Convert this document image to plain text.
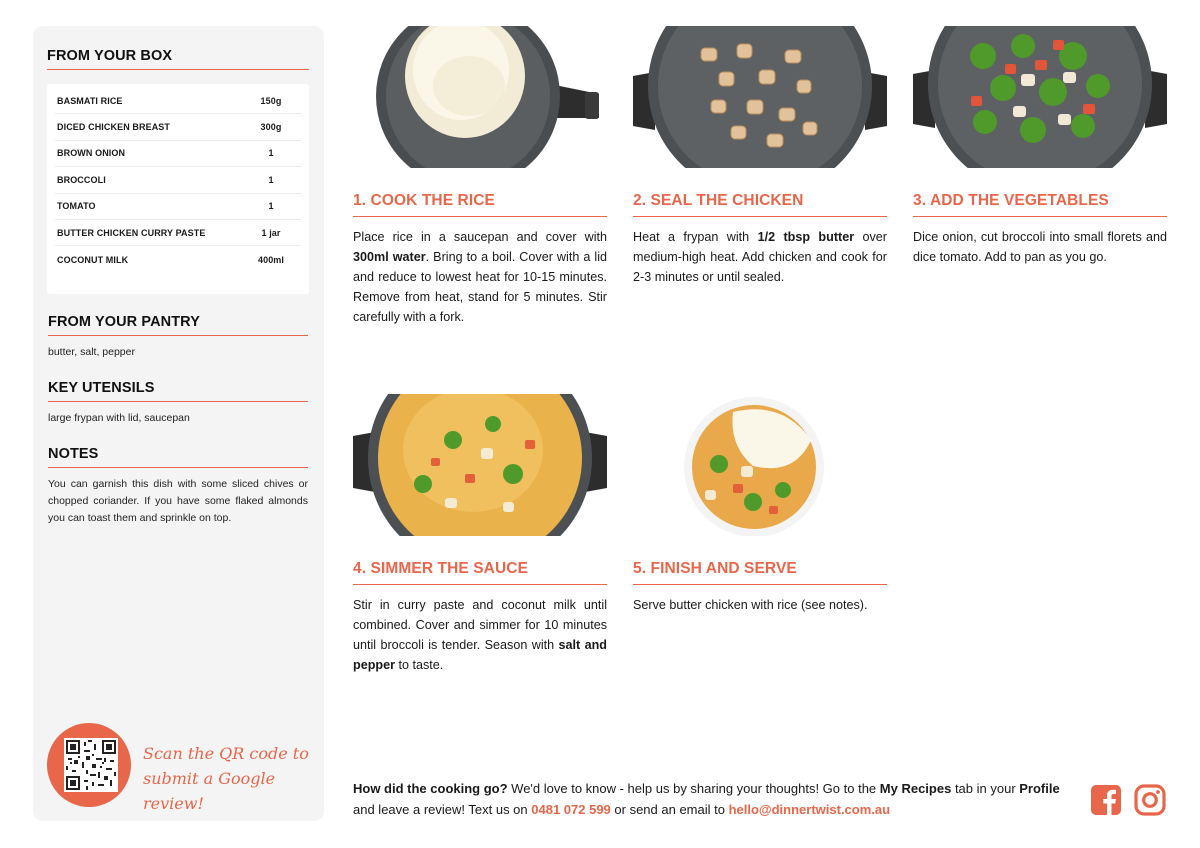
FROM YOUR BOX
BASMATI RICE	150g
DICED CHICKEN BREAST	300g
BROWN ONION	1
BROCCOLI	1
TOMATO	1
BUTTER CHICKEN CURRY PASTE	1 jar
COCONUT MILK	400ml
FROM YOUR PANTRY
butter, salt, pepper
KEY UTENSILS
large frypan with lid, saucepan
NOTES
You can garnish this dish with some sliced chives or chopped coriander. If you have some flaked almonds you can toast them and sprinkle on top.
Scan the QR code to
submit a Google review!
1. COOK THE RICE
Place rice in a saucepan and cover with 300ml water. Bring to a boil. Cover with a lid and reduce to lowest heat for 10-15 minutes. Remove from heat, stand for 5 minutes. Stir carefully with a fork.
2. SEAL THE CHICKEN
Heat a frypan with 1/2 tbsp butter over medium-high heat. Add chicken and cook for 2-3 minutes or until sealed.
3. ADD THE VEGETABLES
Dice onion, cut broccoli into small florets and dice tomato. Add to pan as you go.
4. SIMMER THE SAUCE
Stir in curry paste and coconut milk until combined. Cover and simmer for 10 minutes until broccoli is tender. Season with salt and pepper to taste.
5. FINISH AND SERVE
Serve butter chicken with rice (see notes).
How did the cooking go? We'd love to know - help us by sharing your thoughts! Go to the My Recipes tab in your Profile and leave a review! Text us on 0481 072 599 or send an email to hello@dinnertwist.com.au
